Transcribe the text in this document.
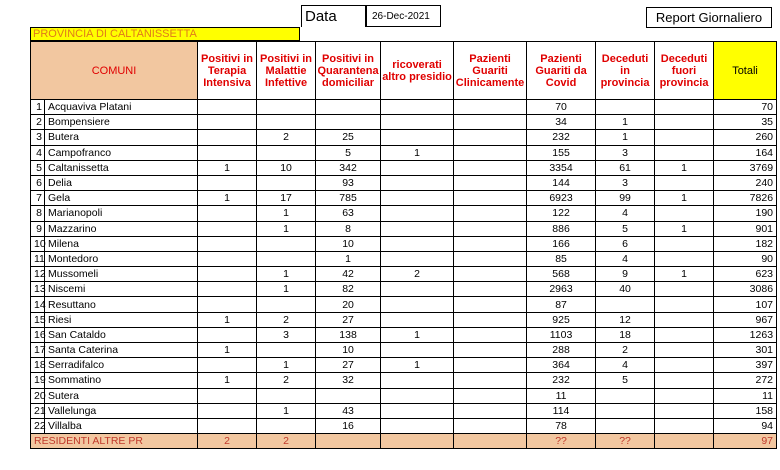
Data	26-Dec-2021	Report Giornaliero
PROVINCIA DI CALTANISSETTA
COMUNI		Positivi in Terapia Intensiva	Positivi in Malattie Infettive	Positivi in Quarantena domiciliar	ricoverati altro presidio	Pazienti Guariti Clinicamente	Pazienti Guariti da Covid	Deceduti in provincia	Deceduti fuori provincia	Totali
1	Acquaviva Platani						70			70
2	Bompensiere						34	1		35
3	Butera		2	25			232	1		260
4	Campofranco			5	1		155	3		164
5	Caltanissetta	1	10	342			3354	61	1	3769
6	Delia			93			144	3		240
7	Gela	1	17	785			6923	99	1	7826
8	Marianopoli		1	63			122	4		190
9	Mazzarino		1	8			886	5	1	901
10	Milena			10			166	6		182
11	Montedoro			1			85	4		90
12	Mussomeli		1	42	2		568	9	1	623
13	Niscemi		1	82			2963	40		3086
14	Resuttano			20			87			107
15	Riesi	1	2	27			925	12		967
16	San Cataldo		3	138	1		1103	18		1263
17	Santa Caterina	1		10			288	2		301
18	Serradifalco		1	27	1		364	4		397
19	Sommatino	1	2	32			232	5		272
20	Sutera						11			11
21	Vallelunga		1	43			114			158
22	Villalba			16			78			94
RESIDENTI ALTRE PR		2	2				??	??		97
